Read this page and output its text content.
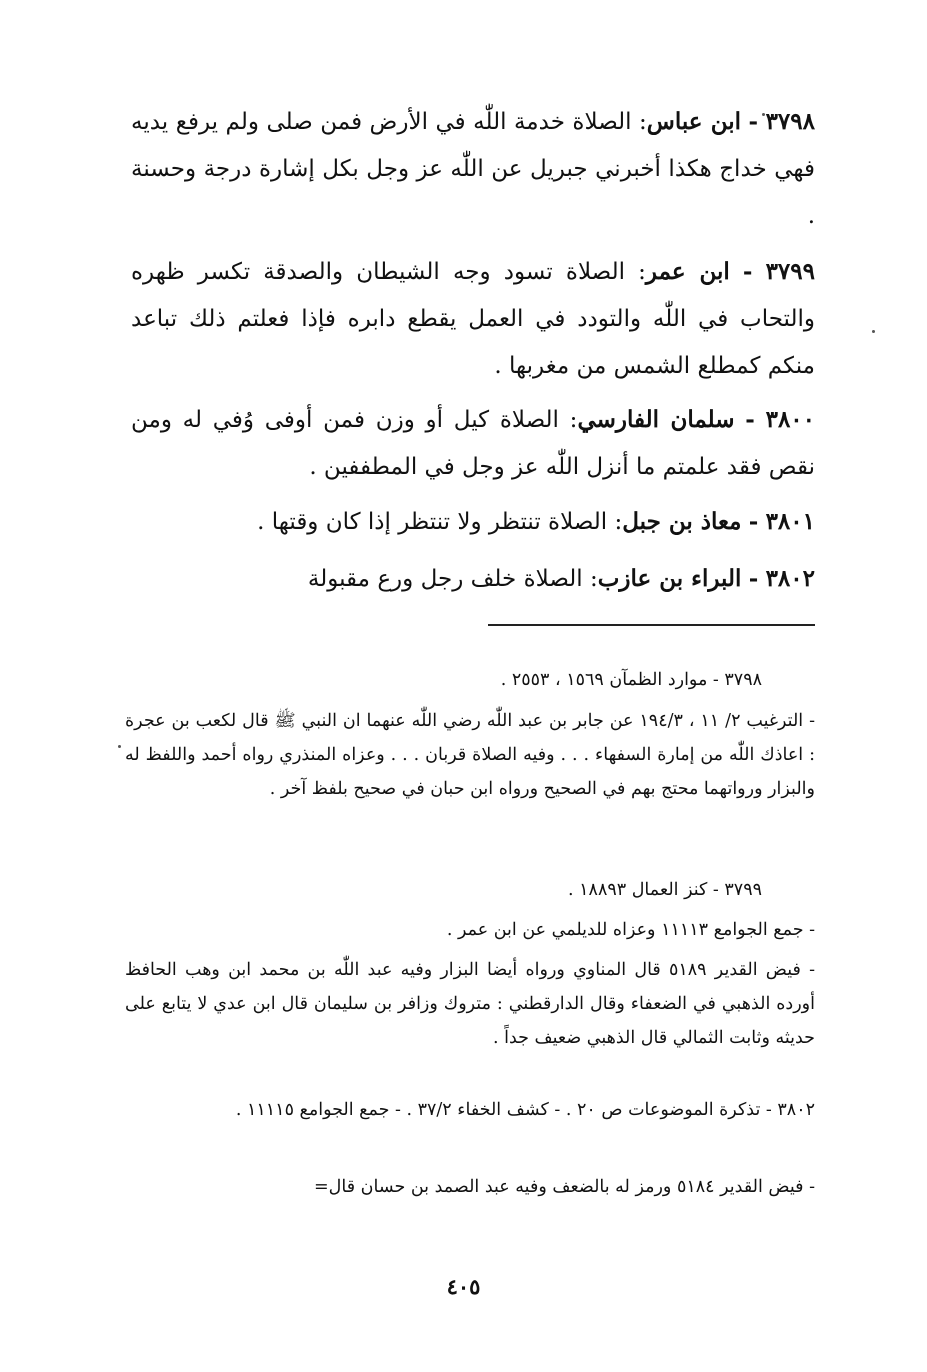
٣٧٩٨ - ابن عباس: الصلاة خدمة اللّٰه في الأرض فمن صلى ولم يرفع يديه فهي خداج هكذا أخبرني جبريل عن اللّٰه عز وجل بكل إشارة درجة وحسنة .

٣٧٩٩ - ابن عمر: الصلاة تسود وجه الشيطان والصدقة تكسر ظهره والتحاب في اللّٰه والتودد في العمل يقطع دابره فإذا فعلتم ذلك تباعد منكم كمطلع الشمس من مغربها .

٣٨٠٠ - سلمان الفارسي: الصلاة كيل أو وزن فمن أوفى وُفي له ومن نقص فقد علمتم ما أنزل اللّٰه عز وجل في المطففين .

٣٨٠١ - معاذ بن جبل: الصلاة تنتظر ولا تنتظر إذا كان وقتها .

٣٨٠٢ - البراء بن عازب: الصلاة خلف رجل ورع مقبولة

٣٧٩٨ - موارد الظمآن ١٥٦٩ ، ٢٥٥٣ .

- الترغيب ٢/ ١١ ، ١٩٤/٣ عن جابر بن عبد اللّٰه رضي اللّٰه عنهما ان النبي ﷺ قال لكعب بن عجرة : اعاذك اللّٰه من إمارة السفهاء . . . وفيه الصلاة قربان . . . وعزاه المنذري رواه أحمد واللفظ له والبزار ورواتهما محتج بهم في الصحيح ورواه ابن حبان في صحيح بلفظ آخر .

٣٧٩٩ - كنز العمال ١٨٨٩٣ .

- جمع الجوامع ١١١١٣ وعزاه للديلمي عن ابن عمر .

- فيض القدير ٥١٨٩ قال المناوي ورواه أيضا البزار وفيه عبد اللّٰه بن محمد ابن وهب الحافظ أورده الذهبي في الضعفاء وقال الدارقطني : متروك وزافر بن سليمان قال ابن عدي لا يتابع على حديثه وثابت الثمالي قال الذهبي ضعيف جداً .

٣٨٠٢ - تذكرة الموضوعات ص ٢٠ . - كشف الخفاء ٣٧/٢ . - جمع الجوامع ١١١١٥ .

- فيض القدير ٥١٨٤ ورمز له بالضعف وفيه عبد الصمد بن حسان قال=

٤٠٥
